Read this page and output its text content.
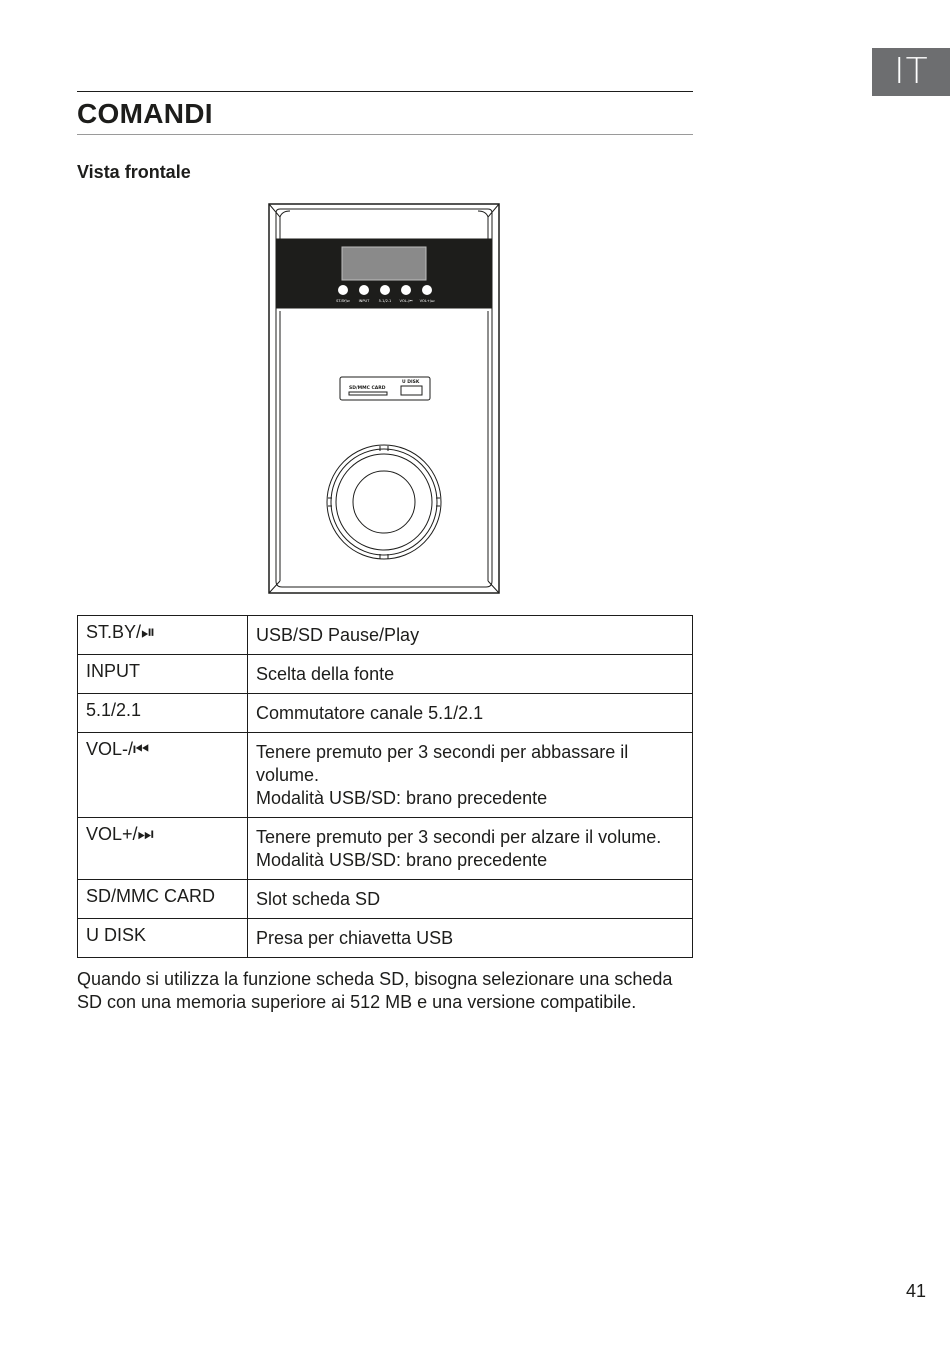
IT
COMANDI
Vista frontale
ST.BY/⏯ INPUT	5.1/2.1 VOL-/⏮ VOL+/⏭
SD/MMC CARD
U DISK
ST.BY/⏯	USB/SD Pause/Play

INPUT	Scelta della fonte

5.1/2.1	Commutatore canale 5.1/2.1

VOL-/⏮	Tenere premuto per 3 secondi per abbassare il volume.
Modalità USB/SD: brano precedente

VOL+/⏭	Tenere premuto per 3 secondi per alzare il volume.
Modalità USB/SD: brano precedente

SD/MMC CARD	Slot scheda SD

U DISK	Presa per chiavetta USB

Quando si utilizza la funzione scheda SD, bisogna selezionare una scheda SD con una memoria superiore ai 512 MB e una versione compatibile.

41
